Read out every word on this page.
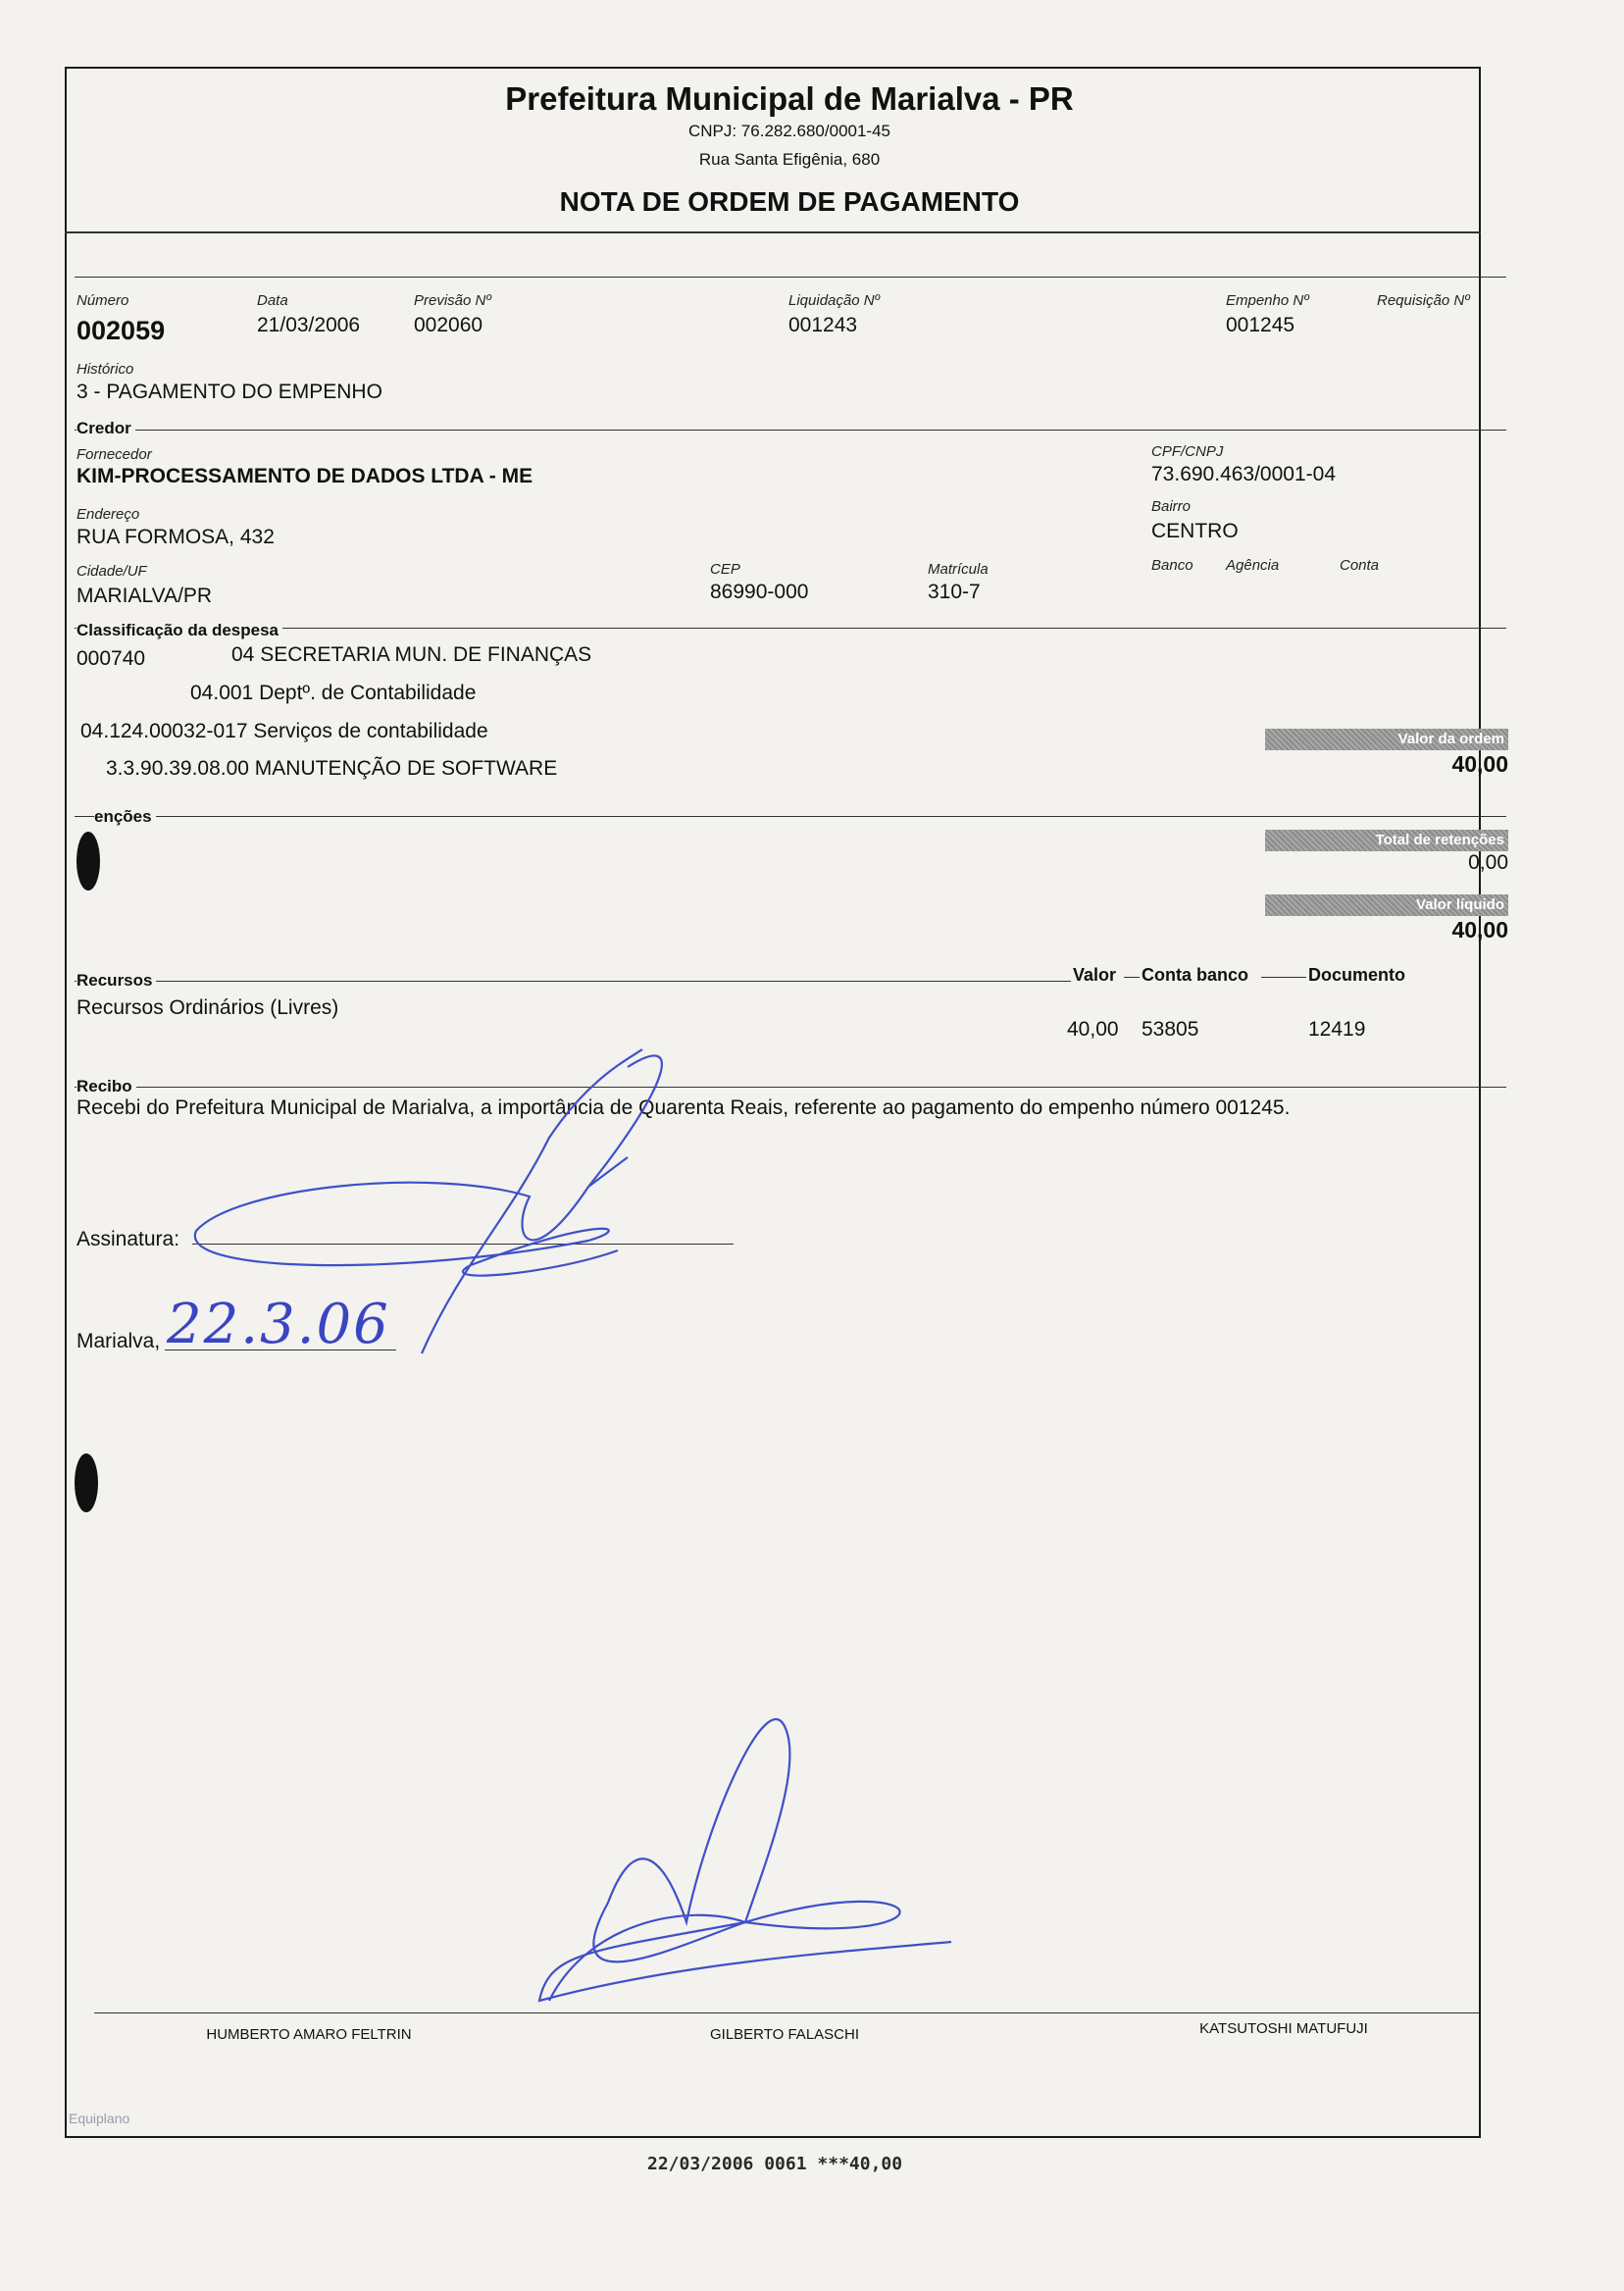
Prefeitura Municipal de Marialva - PR
CNPJ: 76.282.680/0001-45
Rua Santa Efigênia, 680
NOTA DE ORDEM DE PAGAMENTO
Número
002059
Data
21/03/2006
Previsão Nº
002060
Liquidação Nº
001243
Empenho Nº
001245
Requisição Nº
Histórico
3 - PAGAMENTO DO EMPENHO
Credor
Fornecedor
KIM-PROCESSAMENTO DE DADOS LTDA - ME
CPF/CNPJ
73.690.463/0001-04
Endereço
RUA FORMOSA, 432
Bairro
CENTRO
Cidade/UF
MARIALVA/PR
CEP
86990-000
Matrícula
310-7
Banco Agência	Conta
Classificação da despesa
000740	04 SECRETARIA MUN. DE FINANÇAS
04.001 Deptº. de Contabilidade
04.124.00032-017 Serviços de contabilidade
3.3.90.39.08.00 MANUTENÇÃO DE SOFTWARE
Valor da ordem
40,00
enções
Total de retenções
0,00
Valor líquido
40,00
Recursos	Valor Conta banco	Documento
Recursos Ordinários (Livres)
40,00 53805	12419
Recibo
Recebi do Prefeitura Municipal de Marialva, a importância de Quarenta Reais, referente ao pagamento do empenho número 001245.
Assinatura:
Marialva, 22.3.06
HUMBERTO AMARO FELTRIN	GILBERTO FALASCHI	KATSUTOSHI MATUFUJI
Equiplano
22/03/2006 0061 ***40,00
